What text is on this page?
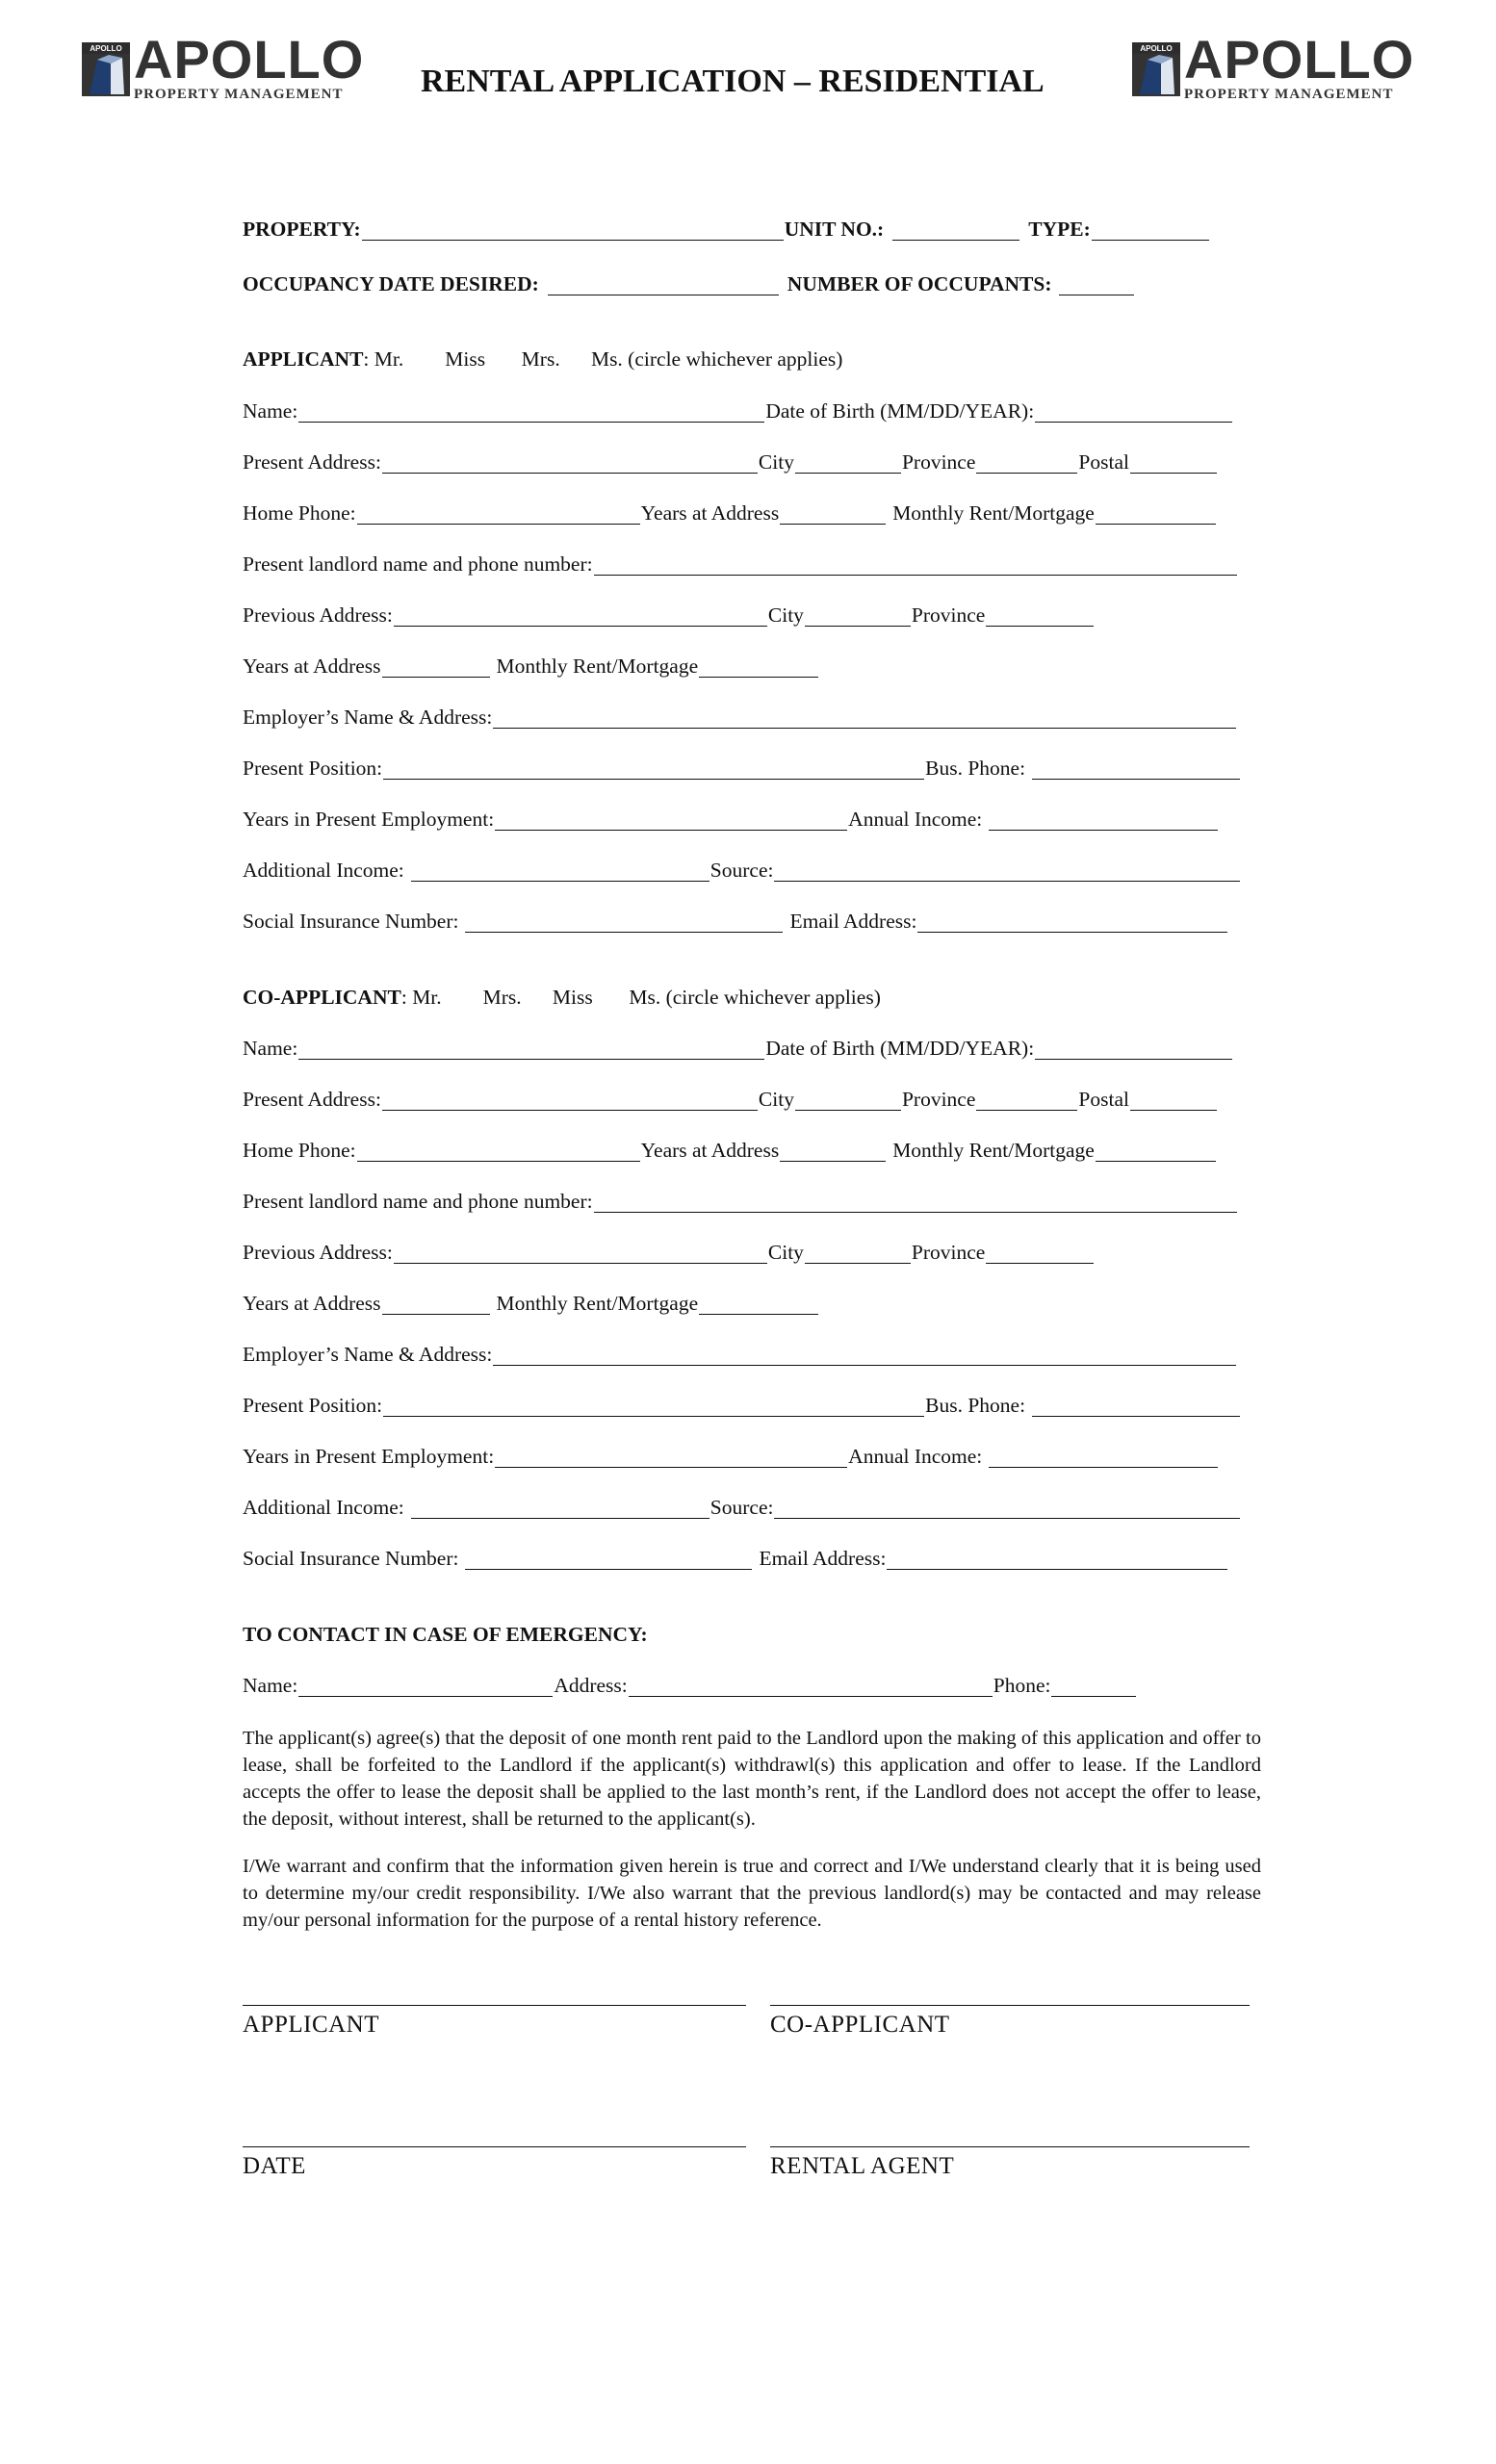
APOLLO APOLLO
PROPERTY MANAGEMENT RENTAL APPLICATION – RESIDENTIAL
APOLLO APOLLO
PROPERTY MANAGEMENT
PROPERTY:	UNIT NO.:	TYPE:
OCCUPANCY DATE DESIRED:	NUMBER OF OCCUPANTS:
APPLICANT : Mr.        Miss       Mrs.      Ms. (circle whichever applies)
Name:	Date of Birth (MM/DD/YEAR):
Present Address:	City	Province	Postal
Home Phone:	Years at Address	Monthly Rent/Mortgage
Present landlord name and phone number:
Previous Address:	City	Province
Years at Address	Monthly Rent/Mortgage
Employer’s Name & Address:
Present Position:	Bus. Phone:
Years in Present Employment:	Annual Income:
Additional Income:	Source:
Social Insurance Number:	Email Address:
CO-APPLICANT : Mr.        Mrs.      Miss       Ms. (circle whichever applies)
Name:	Date of Birth (MM/DD/YEAR):
Present Address:	City	Province	Postal
Home Phone:	Years at Address	Monthly Rent/Mortgage
Present landlord name and phone number:
Previous Address:	City	Province
Years at Address	Monthly Rent/Mortgage
Employer’s Name & Address:
Present Position:	Bus. Phone:
Years in Present Employment:	Annual Income:
Additional Income:	Source:
Social Insurance Number:	Email Address:
TO CONTACT IN CASE OF EMERGENCY:
Name:	Address:	Phone:
The applicant(s) agree(s) that the deposit of one month rent paid to the Landlord upon the making of this application and offer to lease, shall be forfeited to the Landlord if the applicant(s) withdrawl(s) this application and offer to lease. If the Landlord accepts the offer to lease the deposit shall be applied to the last month’s rent, if the Landlord does not accept the offer to lease, the deposit, without interest, shall be returned to the applicant(s).
I/We warrant and confirm that the information given herein is true and correct and I/We understand clearly that it is being used to determine my/our credit responsibility. I/We also warrant that the previous landlord(s) may be contacted and may release my/our personal information for the purpose of a rental history reference.
APPLICANT	CO-APPLICANT
DATE	RENTAL AGENT
